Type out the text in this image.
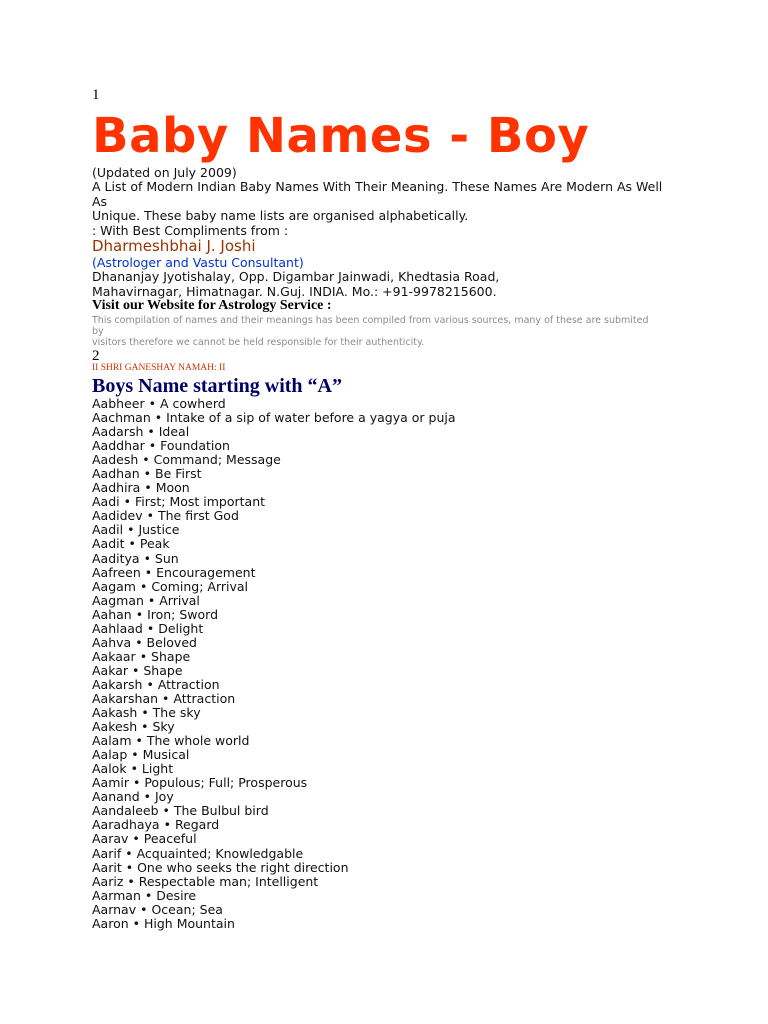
1
Baby Names - Boy
(Updated on July 2009)
A List of Modern Indian Baby Names With Their Meaning. These Names Are Modern As Well
As
Unique. These baby name lists are organised alphabetically.
: With Best Compliments from :
Dharmeshbhai J. Joshi
(Astrologer and Vastu Consultant)
Dhananjay Jyotishalay, Opp. Digambar Jainwadi, Khedtasia Road,
Mahavirnagar, Himatnagar. N.Guj. INDIA. Mo.: +91-9978215600.
Visit our Website for Astrology Service :
This compilation of names and their meanings has been compiled from various sources, many of these are submited
by
visitors therefore we cannot be held responsible for their authenticity.
2
II SHRI GANESHAY NAMAH: II
Boys Name starting with “A”
Aabheer • A cowherd
Aachman • Intake of a sip of water before a yagya or puja
Aadarsh • Ideal
Aaddhar • Foundation
Aadesh • Command; Message
Aadhan • Be First
Aadhira • Moon
Aadi • First; Most important
Aadidev • The first God
Aadil • Justice
Aadit • Peak
Aaditya • Sun
Aafreen • Encouragement
Aagam • Coming; Arrival
Aagman • Arrival
Aahan • Iron; Sword
Aahlaad • Delight
Aahva • Beloved
Aakaar • Shape
Aakar • Shape
Aakarsh • Attraction
Aakarshan • Attraction
Aakash • The sky
Aakesh • Sky
Aalam • The whole world
Aalap • Musical
Aalok • Light
Aamir • Populous; Full; Prosperous
Aanand • Joy
Aandaleeb • The Bulbul bird
Aaradhaya • Regard
Aarav • Peaceful
Aarif • Acquainted; Knowledgable
Aarit • One who seeks the right direction
Aariz • Respectable man; Intelligent
Aarman • Desire
Aarnav • Ocean; Sea
Aaron • High Mountain
